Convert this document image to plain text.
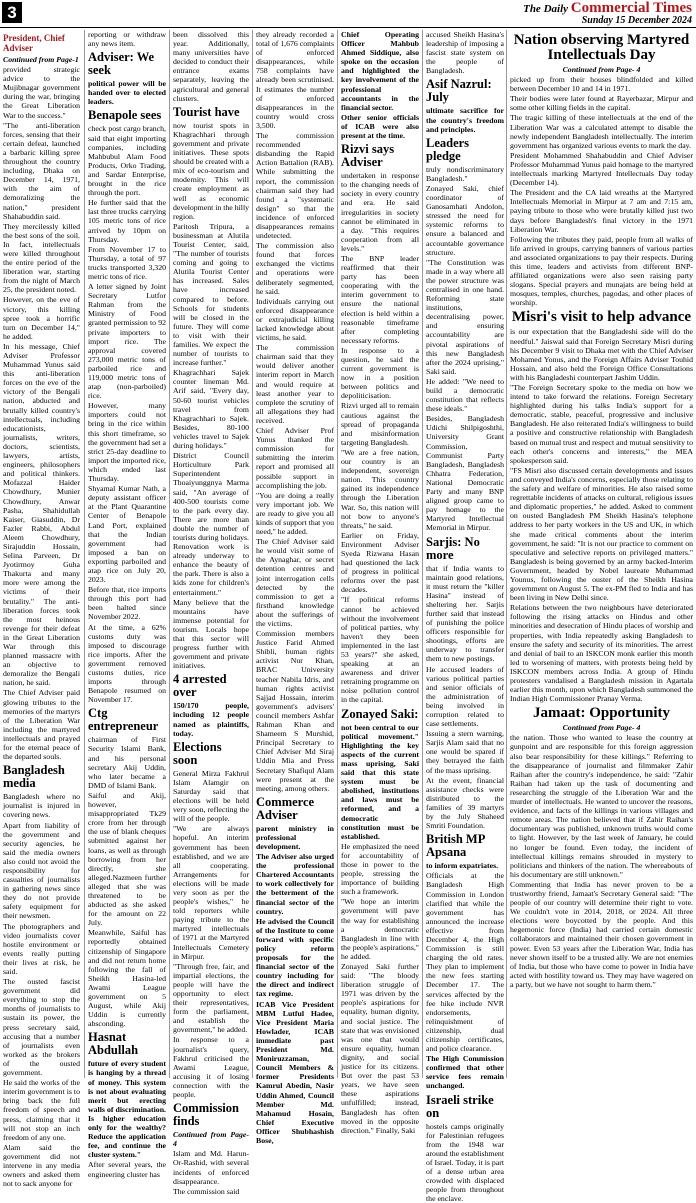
3	The Daily Commercial Times
Sunday 15 December 2024
President, Chief Adviser
Continued from Page-1

provided strategic advice to the Mujibnagar government during the war, bringing the Great Liberation War to the success."

"The anti-liberation forces, sensing that their certain defeat, launched a barbaric killing spree throughout the country including, Dhaka on December 14, 1971, with the aim of demoralizing the nation," president Shahabuddin said.

They mercilessly killed the best sons of the soil. In fact, intellectuals were killed throughout the entire period of the liberation war, starting from the night of March 25, the president noted.

However, on the eve of victory, this killing spree took a horrific turn on December 14," he added.

In his message, Chief Adviser Professor Muhammad Yunus said this anti-liberation forces on the eve of the victory of the Bengali nation, abducted and brutally killed country's intellectuals, including educationists, journalists, writers, doctors, scientists, lawyers, artists, engineers, philosophers and political thinkers. Mofazzal Haider Chowdhury, Munier Chowdhury, Anwar Pasha, Shahidullah Kaiser, Giasuddin, Dr Fazler Rabbi, Abdul Aleem Chowdhury, Sirajuddin Hossain, Selina Parveen, Dr Jyotirmoy Guha Thakurta and many more were among the victims of their brutality." The anti-liberation forces took the most heinous revenge for their defeat in the Great Liberation War through this planned massacre with an objective to demoralize the Bengali nation, he said.

The Chief Adviser paid glowing tributes to the memories of the martyrs of the Liberation War including the martyred intellectuals and prayed for the eternal peace of the departed souls.

Bangladesh media

Bangladesh where no journalist is injured in covering news.

Apart from liability of the government and security agencies, he said the media owners also could not avoid the responsibility for casualties of journalists in gathering news since they do not provide safety equipment for their newsmen.

The photographers and video journalists cover hostile environment or events really putting their lives at risk, he said.

The ousted fascist government did everything to stop the months of journalists to sustain its power, the press secretary said, accusing that a number of journalists even worked as the brokers of the ousted government.

He said the works of the interim government is to bring back the full freedom of speech and press, claiming that it will not stop an inch freedom of any one.

Alam said the government did not intervene in any media owners and asked them not to sack anyone for

reporting or withdraw any news item.

Adviser: We seek

political power will be handed over to elected leaders.

Benapole sees

check post cargo branch, said that eight importing companies, including Mahbubul Alam Food Products, Orko Trading, and Sardar Enterprise, brought in the rice through the port.

He further said that the last three trucks carrying 105 metric tons of rice arrived by 10pm on Thursday.

From November 17 to Thursday, a total of 97 trucks transported 3,320 metric tons of rice.

A letter signed by Joint Secretary Lutfor Rahman from the Ministry of Food granted permission to 92 private importers to import rice. The approval covered 273,000 metric tons of parboiled rice and 119,000 metric tons of atap (non-parboiled) rice.

However, many importers could not bring in the rice within this short timeframe, so the government had set a strict 25-day deadline to import the imported rice, which ended last Thursday.

Shyamal Kumar Nath, a deputy assistant officer at the Plant Quarantine Center of Benapole Land Port, explained that the Indian government had imposed a ban on exporting parboiled and atap rice on July 20, 2023.

Before that, rice imports through this port had been halted since November 2022.

At the time, a 62% customs duty was imposed to discourage rice imports. After the government removed customs duties, rice imports through Benapole resumed on November 17.

Ctg entrepreneur

chairman of First Security Islami Bank, and his personal secretary Akij Uddin, who later became a DMD of Islami Bank.

Saiful and Akij, however, misappropriated Tk29 crore from her through the use of blank cheques submitted against her loans, as well as through borrowing from her directly, she alleged.Nazmeen further alleged that she was threatened to be abducted as she asked for the amount on 22 July.

Meanwhile, Saiful has reportedly obtained citizenship of Singapore and did not return home following the fall of Sheikh Hasina-led Awami League government on 5 August, while Akij Uddin is currently absconding.

Hasnat Abdullah

future of every student is hanging by a thread of money. This system is not about evaluating merit but erecting walls of discrimination. Is higher education only for the wealthy? Reduce the application fee, and continue the cluster system."

After several years, the engineering cluster has

been dissolved this year. Additionally, many universities have decided to conduct their entrance exams separately, leaving the agricultural and general clusters.

Tourist have

now tourist spots in Khagrachhari through government and private initiatives. These spots should be created with a mix of eco-tourism and modernity. This will create employment as well as economic development in the hilly region.

Paritosh Tripura, a businessman at Alutila Tourist Center, said, "The number of tourists coming and going to Alutila Tourist Center has increased. Sales have increased compared to before. Schools for students will be closed in the future. They will come to visit with their families. We expect the number of tourists to increase further."

Khagrachhari Sajek counter lineman Md. Arif said, "Every day, 50-60 tourist vehicles travel from Khagrachhari to Sajek. Besides, 80-100 vehicles travel to Sajek during holidays."

District Council Horticulture Park Superintendent Thoaiyunggnya Marma said, "An average of 400-500 tourists come to the park every day. There are more than double the number of tourists during holidays. Renovation work is already underway to enhance the beauty of the park. There is also a kids zone for children's entertainment."

Many believe that the mountains have immense potential for tourism. Locals hope that this sector will progress further with government and private initiatives.

4 arrested over

150/170 people, including 12 people named as plaintiffs, today.

Elections soon

General Mirza Fakhrul Islam Alamgir on Saturday said that elections will be held very soon, reflecting the will of the people.

"We are always hopeful. An interim government has been established, and we are all cooperating. Arrangements for elections will be made very soon as per the people's wishes," he told reporters while paying tribute to the martyred intellectuals of 1971 at the Martyred Intellectuals Cemetery in Mirpur.

"Through free, fair, and impartial elections, the people will have the opportunity to elect their representatives, form the parliament, and establish the government," he added.

In response to a journalist's query, Fakhrul criticised the Awami League, accusing it of losing connection with the people.

Commission finds
Continued from Page- 4

Islam and Md. Harun-Or-Rashid, with several incidents of enforced disappearance.

The commission said

they already recorded a total of 1,676 complaints of enforced disappearances, while 758 complaints have already been scrutinised. It estimates the number of enforced disappearances in the country would cross 3,500.

The commission recommended disbanding the Rapid Action Battalion (RAB). While submitting the report, the commission chairman said they had found a "systematic design" so that the incidence of enforced disappearances remains undetected.

The commission also found that forces exchanged the victims and operations were deliberately segmented, he said.

Individuals carrying out enforced disappearance or extrajudicial killing lacked knowledge about victims, he said.

The commission chairman said that they would deliver another interim report in March and would require at least another year to complete the scrutiny of all allegations they had received.

Chief Adviser Prof Yunus thanked the commission for submitting the interim report and promised all possible support in accomplishing the job.

"You are doing a really very important job. We are ready to give you all kinds of support that you need," he added.

The Chief Adviser said he would visit some of the Aynaghar, or secret detention centres and joint interrogation cells detected by the commission to get a firsthand knowledge about the sufferings of the victims.

Commission members Justice Farid Ahmed Shibli, human rights activist Nur Khan, BRAC University teacher Nabila Idris, and human rights activist Sajjad Hossain, interim government's advisers' council members Ashfar Rahman Khan and Shameem S Murshid, Principal Secretary to Chief Adviser Md Siraj Uddin Mia and Press Secretary Shafiqul Alam were present at the meeting, among others.

Commerce Adviser

parent ministry in professional development.

The Adviser also urged the professional Chartered Accountants to work collectively for the betterment of the financial sector of the country.

He advised the Council of the Institute to come forward with specific policy reform proposals for the financial sector of the country including for the direct and indirect tax regime.

ICAB Vice President MBM Lutful Hadee, Vice President Maria Howlader, ICAB immediate past President Md. Moniruzzaman, Council Members & former Presidents Kamrul Abedin, Nasir Uddin Ahmed, Council Member Md. Mahamud Hosain, Chief Executive Officer Shubhashish Bose,

Chief Operating Officer Mahbub Ahmed Siddique, also spoke on the occasion and highlighted the key involvement of the professional accountants in the financial sector.

Other senior officials of ICAB were also present at the time.

Rizvi says Adviser

undertaken in response to the changing needs of society in every country and era. He said irregularities in society cannot be eliminated in a day. "This requires cooperation from all levels."

The BNP leader reaffirmed that their party has been cooperating with the interim government to ensure the national election is held within a reasonable timeframe after completing necessary reforms.

In response to a question, he said the current government is now in a position between politics and depoliticisation.

Rizvi urged all to remain cautious against the spread of propaganda and misinformation targeting Bangladesh.

"We are a free nation, our country is an independent, sovereign nation. This country gained its independence through the Liberation War. So, this nation will not bow to anyone's threats," he said.

Earlier on Friday, Environment Adviser Syeda Rizwana Hasan had questioned the lack of progress in political reforms over the past decades.

"If political reforms cannot be achieved without the involvement of political parties, why haven't they been implemented in the last 53 years?" she asked, speaking at an awareness and driver retraining programme on noise pollution control in the capital.

Zonayed Saki:

not been central to our political movement." Highlighting the key aspects of the current mass uprising, Saki said that this state system must be abolished, institutions and laws must be reformed, and a democratic constitution must be established.

He emphasized the need for accountability of those in power to the people, stressing the importance of building such a framework.

"We hope an interim government will pave the way for establishing a democratic Bangladesh in line with the people's aspirations," he added.

Zonayed Saki further said: "The bloody liberation struggle of 1971 was driven by the people's aspirations for equality, human dignity, and social justice. The state that was envisioned was one that would ensure equality, human dignity, and social justice for its citizens. But over the past 53 years, we have seen these aspirations unfulfilled; instead, Bangladesh has often moved in the opposite direction." Finally, Saki

accused Sheikh Hasina's leadership of imposing a fascist state system on the people of Bangladesh.

Asif Nazrul: July

ultimate sacrifice for the country's freedom and principles.

Leaders pledge

truly nondiscriminatory Bangladesh."

Zonayed Saki, chief coordinator of Ganosamhati Andolon, stressed the need for systemic reforms to ensure a balanced and accountable governance structure.

"The Constitution was made in a way where all the power structure was centralised in one hand. Reforming state institutions, decentralising power, and ensuring accountability are pivotal aspirations of this new Bangladesh after the 2024 uprising," Saki said.

He added: "We need to build a democratic constitution that reflects these ideals."

Besides, Bangladesh Udichi Shilpigoshthi, University Grant Commission, Communist Party Bangladesh, Bangladesh Chhatra Federation, National Democratic Party and many BNP aligned group came to pay homage to the Martyred Intellectual Memorial in Mirpur.

Sarjis: No more

that if India wants to maintain good relations, it must return the "killer Hasina" instead of sheltering her. Sarjis further said that instead of punishing the police officers responsible for shootings, efforts are underway to transfer them to new postings.

He accused leaders of various political parties and senior officials of the administration of being involved in corruption related to case settlements.

Issuing a stern warning, Sarjis Alam said that no one would be spared if they betrayed the faith of the mass uprising.

At the event, financial assistance checks were distributed to the families of 39 martyrs by the July Shaheed Smriti Foundation.

British MP Apsana

to inform expatriates.

Officials at the Bangladesh High Commission in London clarified that while the government has announced the increase effective from December 4, the High Commission is still charging the old rates. They plan to implement the new fees starting December 17. The services affected by the fee hike include NVR endorsements, relinquishment of citizenship, dual citizenship certificates, and police clearance.

The High Commission confirmed that other service fees remain unchanged.

Israeli strike on

hostels camps originally for Palestinian refugees from the 1948 war around the establishment of Israel. Today, it is part of a dense urban area crowded with displaced people from throughout the enclave.

Nation observing Martyred Intellectuals Day
Continued from Page- 4

picked up from their houses blindfolded and killed between December 10 and 14 in 1971.

Their bodies were later found at Rayerbazar, Mirpur and some other killing fields in the capital.

The tragic killing of these intellectuals at the end of the Liberation War was a calculated attempt to disable the newly independent Bangladesh intellectually. The interim government has organized various events to mark the day.

President Mohammed Shahabuddin and Chief Adviser Professor Muhammad Yunus paid homage to the martyred intellectuals marking Martyred Intellectuals Day today (December 14).

The President and the CA laid wreaths at the Martyred Intellectuals Memorial in Mirpur at 7 am and 7:15 am, paying tribute to those who were brutally killed just two days before Bangladesh's final victory in the 1971 Liberation War.

Following the tributes they paid, people from all walks of life arrived in groups, carrying banners of various parties and associated organizations to pay their respects. During this time, leaders and activists from different BNP-affiliated organizations were also seen raising party slogans. Special prayers and munajats are being held at mosques, temples, churches, pagodas, and other places of worship.

Misri's visit to help advance

is our expectation that the Bangladeshi side will do the needful." Jaiswal said that Foreign Secretary Misri during his December 9 visit to Dhaka met with the Chief Adviser Mohamed Yonus, and the Foreign Affairs Adviser Touhid Hossain, and also held the Foreign Office Consultations with his Bangladeshi counterpart Jashim Uddin.

"The Foreign Secretary spoke to the media on how we intend to take forward the relations. Foreign Secretary highlighted during his talks India's support for a democratic, stable, peaceful, progressive and inclusive Bangladesh. He also reiterated India's willingness to build a positive and constructive relationship with Bangladesh based on mutual trust and respect and mutual sensitivity to each other's concerns and interests," the MEA spokesperson said.

"FS Misri also discussed certain developments and issues and conveyed India's concerns, especially those relating to the safety and welfare of minorities. He also raised some regrettable incidents of attacks on cultural, religious issues and diplomatic properties," he added. Asked to comment on ousted Bangladesh PM Sheikh Hasina's telephone address to her party workers in the US and UK, in which she made critical comments about the interim government, he said: "It is not our practice to comment on speculative and selective reports on privileged matters." Bangladesh is being governed by an army backed-Interim Government, headed by Nobel laureate Muhammad Younus, following the ouster of the Sheikh Hasina government on August 5. The ex-PM fled to India and has been living in New Delhi since.

Relations between the two neighbours have deteriorated following the rising attacks on Hindus and other minorities and desecration of Hindu places of worship and properties, with India repeatedly asking Bangladesh to ensure the safety and security of its minorities. The arrest and denial of bail to an ISKCON monk earlier this month led to worsening of matters, with protests being held by ISKCON members across India. A group of Hindu protesters vandalised a Bangladesh mission in Agartala earlier this month, upon which Bangladesh summoned the Indian High Commissioner Pranay Verma.

Jamaat: Opportunity
Continued from Page- 4

the nation. Those who wanted to lease the country at gunpoint and are responsible for this foreign aggression also bear responsibility for these killings." Referring to the disappearance of journalist and filmmaker Zahir Raihan after the country's independence, he said: "Zahir Raihan had taken up the task of documenting and researching the struggle of the Liberation War and the murder of intellectuals. He wanted to uncover the reasons, evidence, and facts of the killings in various villages and remote areas. The nation believed that if Zahir Raihan's documentary was published, unknown truths would come to light. However, by the last week of January, he could no longer be found. Even today, the incident of intellectual killings remains shrouded in mystery to politicians and thinkers of the nation. The whereabouts of his documentary are still unknown."

Commenting that India has never proven to be a trustworthy friend, Jamaat's Secretary General said: "The people of our country will determine their right to vote. We couldn't vote in 2014, 2018, or 2024. All three elections were boycotted by the people. And this hegemonic force (India) had carried certain domestic collaborators and maintained their chosen government in power. Even 53 years after the Liberation War, India has never shown itself to be a trusted ally. We are not enemies of India, but those who have come to power in India have acted with hostility toward us. They may have wagered on a party, but we have not sought to harm them."
